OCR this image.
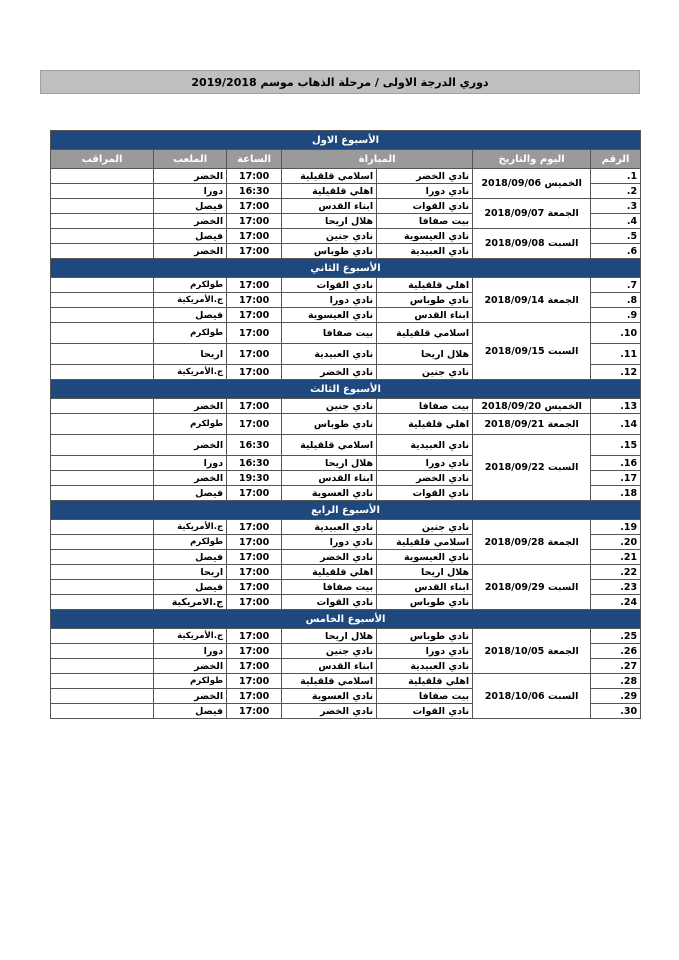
دوري الدرجة الاولى / مرحلة الذهاب موسم 2019/2018
الأسبوع الاول						
الرقم	اليوم والتاريخ	المباراة		الساعة	الملعب	المراقب
1.	الخميس 2018/09/06	نادي الخضر	اسلامي قلقيلية	17:00	الخضر	
2.		نادي دورا	اهلي قلقيلية	16:30	دورا	
3.	الجمعة 2018/09/07	نادي القوات	ابناء القدس	17:00	فيصل	
4.		بيت صفافا	هلال اريحا	17:00	الخضر	
5.	السبت 2018/09/08	نادي العيسوية	نادي جنين	17:00	فيصل	
6.		نادي العبيدية	نادي طوباس	17:00	الخضر	
الأسبوع الثاني						
7.	الجمعة 2018/09/14	اهلي قلقيلية	نادي القوات	17:00	طولكرم	
8.		نادي طوباس	نادي دورا	17:00	ج.الأمريكية	
9.		ابناء القدس	نادي العيسوية	17:00	فيصل	
10.	السبت 2018/09/15	اسلامي قلقيلية	بيت صفافا	17:00	طولكرم	
11.		هلال اريحا	نادي العبيدية	17:00	اريحا	
12.		نادي جنين	نادي الخضر	17:00	ج.الأمريكية	
الأسبوع الثالث						
13.	الخميس 2018/09/20	بيت صفافا	نادي جنين	17:00	الخضر	
14.	الجمعة 2018/09/21	اهلي قلقيلية	نادي طوباس	17:00	طولكرم	
15.	السبت 2018/09/22	نادي العبيدية	اسلامي قلقيلية	16:30	الخضر	
16.		نادي دورا	هلال اريحا	16:30	دورا	
17.		نادي الخضر	ابناء القدس	19:30	الخضر	
18.		نادي القوات	نادي العسوية	17:00	فيصل	
الأسبوع الرابع						
19.	الجمعة 2018/09/28	نادي جنين	نادي العبيدية	17:00	ج.الأمريكية	
20.		اسلامي قلقيلية	نادي دورا	17:00	طولكرم	
21.		نادي العيسوية	نادي الخضر	17:00	فيصل	
22.	السبت 2018/09/29	هلال اريحا	اهلي قلقيلية	17:00	اريحا	
23.		ابناء القدس	بيت صفافا	17:00	فيصل	
24.		نادي طوباس	نادي القوات	17:00	ج.الامريكية	
الأسبوع الخامس						
25.	الجمعة 2018/10/05	نادي طوباس	هلال اريحا	17:00	ج.الأمريكية	
26.		نادي دورا	نادي جنين	17:00	دورا	
27.		نادي العبيدية	ابناء القدس	17:00	الخضر	
28.	السبت 2018/10/06	اهلي قلقيلية	اسلامي قلقيلية	17:00	طولكرم	
29.		بيت صفافا	نادي العسوية	17:00	الخضر	
30.		نادي القوات	نادي الخضر	17:00	فيصل	
